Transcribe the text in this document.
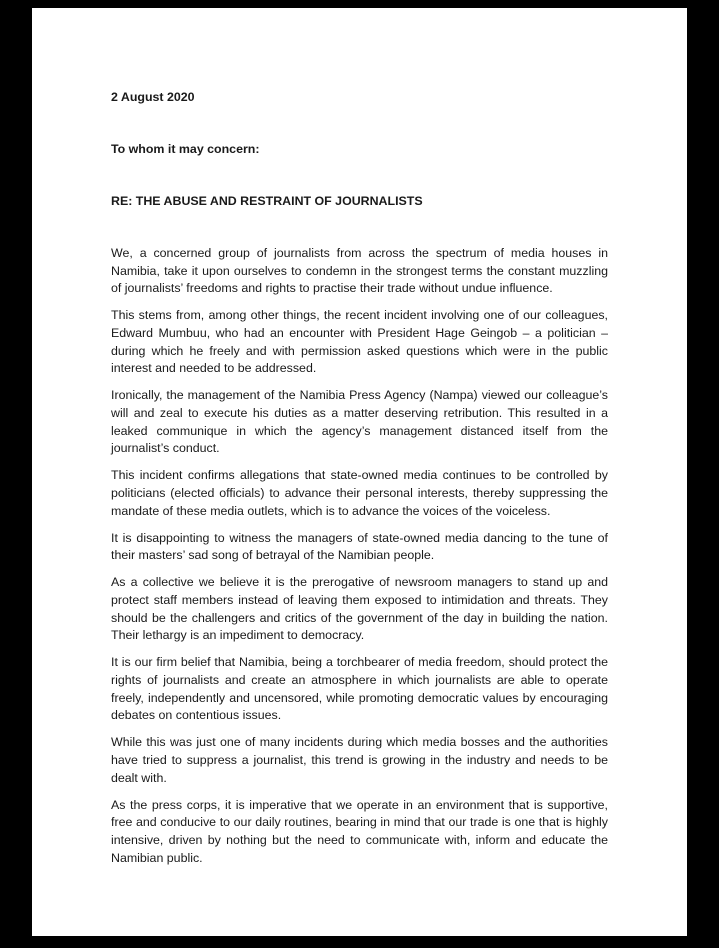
2 August 2020
To whom it may concern:
RE: THE ABUSE AND RESTRAINT OF JOURNALISTS

We, a concerned group of journalists from across the spectrum of media houses in Namibia, take it upon ourselves to condemn in the strongest terms the constant muzzling of journalists’ freedoms and rights to practise their trade without undue influence.

This stems from, among other things, the recent incident involving one of our colleagues, Edward Mumbuu, who had an encounter with President Hage Geingob – a politician – during which he freely and with permission asked questions which were in the public interest and needed to be addressed.

Ironically, the management of the Namibia Press Agency (Nampa) viewed our colleague’s will and zeal to execute his duties as a matter deserving retribution. This resulted in a leaked communique in which the agency’s management distanced itself from the journalist’s conduct.

This incident confirms allegations that state-owned media continues to be controlled by politicians (elected officials) to advance their personal interests, thereby suppressing the mandate of these media outlets, which is to advance the voices of the voiceless.

It is disappointing to witness the managers of state-owned media dancing to the tune of their masters’ sad song of betrayal of the Namibian people.

As a collective we believe it is the prerogative of newsroom managers to stand up and protect staff members instead of leaving them exposed to intimidation and threats. They should be the challengers and critics of the government of the day in building the nation. Their lethargy is an impediment to democracy.

It is our firm belief that Namibia, being a torchbearer of media freedom, should protect the rights of journalists and create an atmosphere in which journalists are able to operate freely, independently and uncensored, while promoting democratic values by encouraging debates on contentious issues.

While this was just one of many incidents during which media bosses and the authorities have tried to suppress a journalist, this trend is growing in the industry and needs to be dealt with.

As the press corps, it is imperative that we operate in an environment that is supportive, free and conducive to our daily routines, bearing in mind that our trade is one that is highly intensive, driven by nothing but the need to communicate with, inform and educate the Namibian public.
